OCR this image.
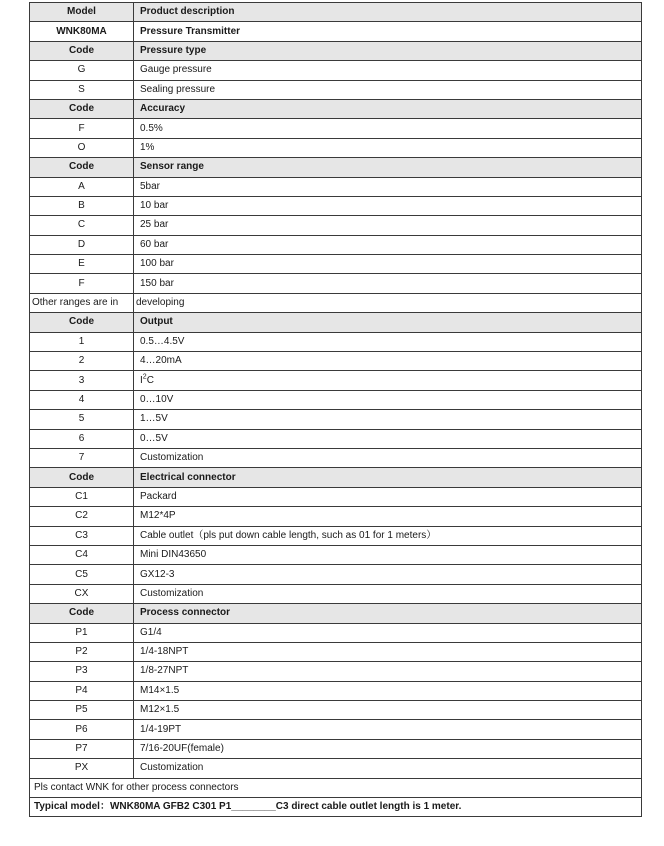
Model	Product description
WNK80MA	Pressure Transmitter
Code	Pressure type
G	Gauge pressure
S	Sealing pressure
Code	Accuracy
F	0.5%
O	1%
Code	Sensor range
A	5bar
B	10 bar
C	25 bar
D	60 bar
E	100 bar
F	150 bar
Other ranges are in	developing
Code	Output
1	0.5…4.5V
2	4…20mA
3	$I^2C$
4	0…10V
5	1…5V
6	0…5V
7	Customization
Code	Electrical connector
C1	Packard
C2	M12*4P
C3	Cable outlet（pls put down cable length, such as 01 for 1 meters）
C4	Mini DIN43650
C5	GX12-3
CX	Customization
Code	Process connector
P1	G1/4
P2	1/4-18NPT
P3	1/8-27NPT
P4	M14×1.5
P5	M12×1.5
P6	1/4-19PT
P7	7/16-20UF(female)
PX	Customization
Pls contact WNK for other process connectors	
Typical model：WNK80MA GFB2 C301 P1________C3 direct cable outlet length is 1 meter.	
